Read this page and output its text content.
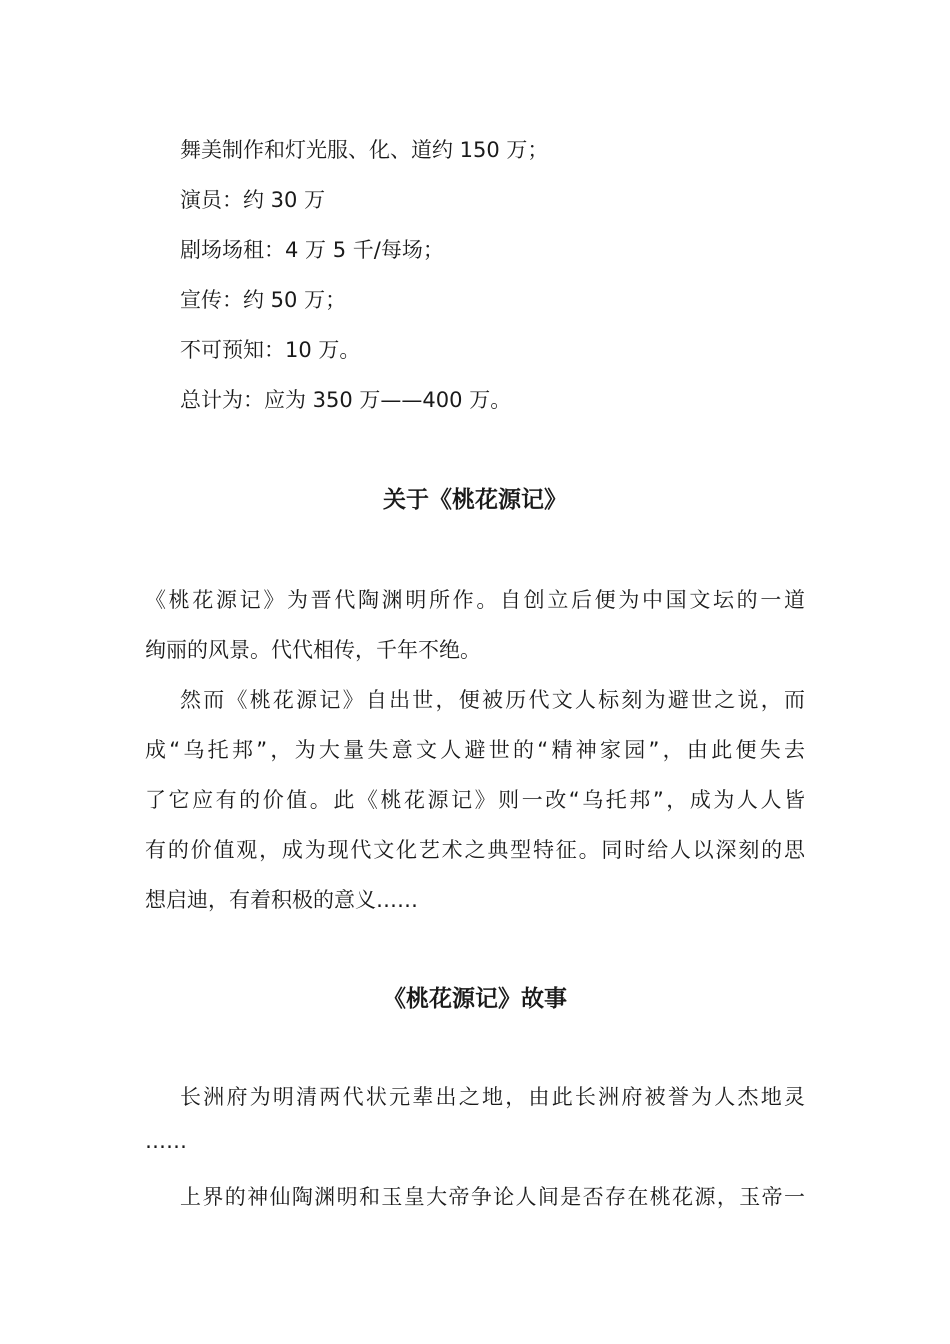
舞美制作和灯光服、化、道约 150 万；
演员：约 30 万
剧场场租：4 万 5 千/每场；
宣传：约 50 万；
不可预知：10 万。
总计为：应为 350 万——400 万。
关于《桃花源记》
《桃花源记》为晋代陶渊明所作。自创立后便为中国文坛的一道
绚丽的风景。代代相传，千年不绝。
然而《桃花源记》自出世，便被历代文人标刻为避世之说，而
成“乌托邦”，为大量失意文人避世的“精神家园”，由此便失去
了它应有的价值。此《桃花源记》则一改“乌托邦”，成为人人皆
有的价值观，成为现代文化艺术之典型特征。同时给人以深刻的思
想启迪，有着积极的意义……
《桃花源记》故事
长洲府为明清两代状元辈出之地，由此长洲府被誉为人杰地灵
……
上界的神仙陶渊明和玉皇大帝争论人间是否存在桃花源，玉帝一
